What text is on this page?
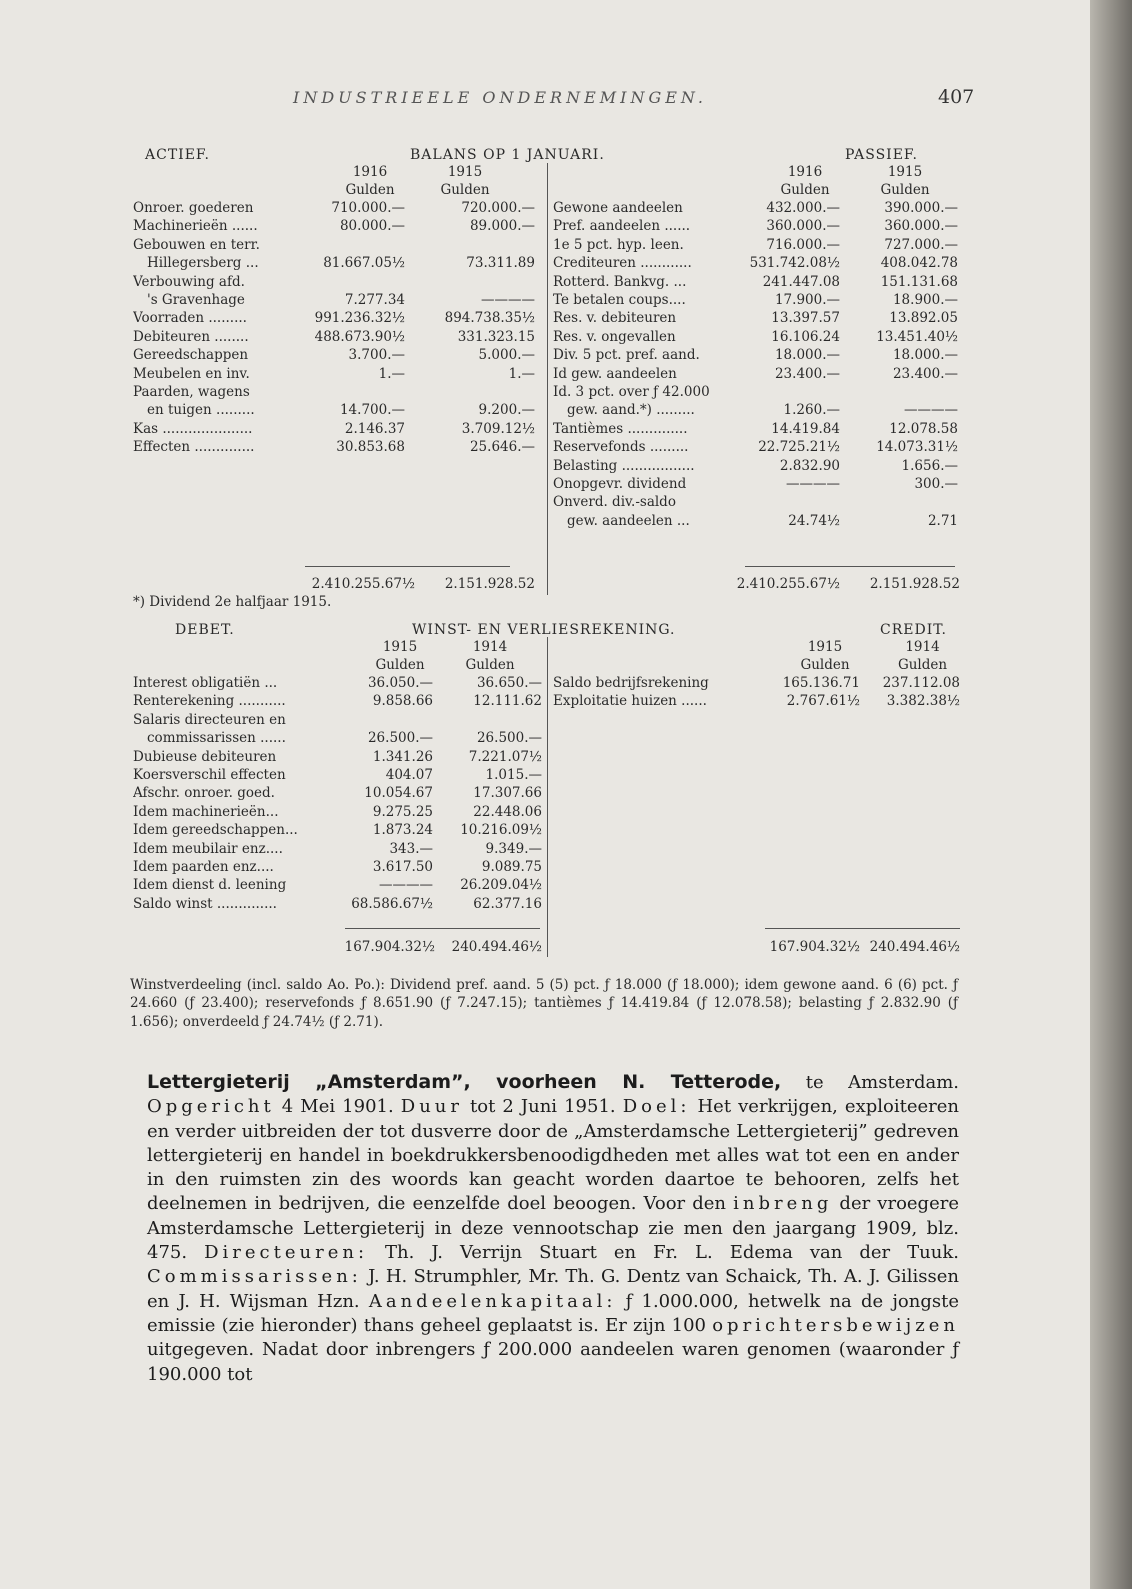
INDUSTRIEELE ONDERNEMINGEN.	407
ACTIEF.	BALANS OP 1 JANUARI.	PASSIEF.
1916	1915
Gulden	Gulden
1916	1915
Gulden	Gulden
Onroer. goederen	710.000.—	720.000.—
Machinerieën ......	80.000.—	89.000.—
Gebouwen en terr.
Hillegersberg ...	81.667.05½	73.311.89
Verbouwing afd.
's Gravenhage	7.277.34	————
Voorraden .........	991.236.32½	894.738.35½
Debiteuren ........	488.673.90½	331.323.15
Gereedschappen	3.700.—	5.000.—
Meubelen en inv.	1.—	1.—
Paarden, wagens
en tuigen .........	14.700.—	9.200.—
Kas .....................	2.146.37	3.709.12½
Effecten ..............	30.853.68	25.646.—
Gewone aandeelen	432.000.—	390.000.—
Pref. aandeelen ......	360.000.—	360.000.—
1e 5 pct. hyp. leen.	716.000.—	727.000.—
Crediteuren ............	531.742.08½	408.042.78
Rotterd. Bankvg. ...	241.447.08	151.131.68
Te betalen coups....	17.900.—	18.900.—
Res. v. debiteuren	13.397.57	13.892.05
Res. v. ongevallen	16.106.24	13.451.40½
Div. 5 pct. pref. aand.	18.000.—	18.000.—
Id gew. aandeelen	23.400.—	23.400.—
Id. 3 pct. over ƒ 42.000
gew. aand.*) .........	1.260.—	————
Tantièmes ..............	14.419.84	12.078.58
Reservefonds .........	22.725.21½	14.073.31½
Belasting .................	2.832.90	1.656.—
Onopgevr. dividend	————	300.—
Onverd. div.-saldo
gew. aandeelen ...	24.74½	2.71
2.410.255.67½	2.151.928.52	2.410.255.67½	2.151.928.52
*) Dividend 2e halfjaar 1915.
DEBET.	WINST- EN VERLIESREKENING.	CREDIT.
1915	1914
Gulden	Gulden
1915	1914
Gulden	Gulden
Interest obligatiën ...	36.050.—	36.650.—
Renterekening ...........	9.858.66	12.111.62
Salaris directeuren en
commissarissen ......	26.500.—	26.500.—
Dubieuse debiteuren	1.341.26	7.221.07½
Koersverschil effecten	404.07	1.015.—
Afschr. onroer. goed.	10.054.67	17.307.66
Idem machinerieën...	9.275.25	22.448.06
Idem gereedschappen...	1.873.24	10.216.09½
Idem meubilair enz....	343.—	9.349.—
Idem paarden enz....	3.617.50	9.089.75
Idem dienst d. leening	————	26.209.04½
Saldo winst ..............	68.586.67½	62.377.16
Saldo bedrijfsrekening	165.136.71	237.112.08
Exploitatie huizen ......	2.767.61½	3.382.38½
167.904.32½	240.494.46½	167.904.32½ 240.494.46½
Winstverdeeling (incl. saldo Ao. Po.): Dividend pref. aand. 5 (5) pct. ƒ 18.000 (ƒ 18.000); idem gewone aand. 6 (6) pct. ƒ 24.660 (ƒ 23.400); reservefonds ƒ 8.651.90 (ƒ 7.247.15); tantièmes ƒ 14.419.84 (ƒ 12.078.58); belasting ƒ 2.832.90 (ƒ 1.656); onverdeeld ƒ 24.74½ (ƒ 2.71).
Lettergieterij „Amsterdam”, voorheen N. Tetterode, te Amsterdam. Opgericht 4 Mei 1901. Duur tot 2 Juni 1951. Doel: Het verkrijgen, exploiteeren en verder uitbreiden der tot dusverre door de „Amsterdamsche Lettergieterij” gedreven lettergieterij en handel in boekdrukkersbenoodigdheden met alles wat tot een en ander in den ruimsten zin des woords kan geacht worden daartoe te behooren, zelfs het deelnemen in bedrijven, die eenzelfde doel beoogen. Voor den inbreng der vroegere Amsterdamsche Lettergieterij in deze vennootschap zie men den jaargang 1909, blz. 475. Directeuren: Th. J. Verrijn Stuart en Fr. L. Edema van der Tuuk. Commissarissen: J. H. Strumphler, Mr. Th. G. Dentz van Schaick, Th. A. J. Gilissen en J. H. Wijsman Hzn. Aandeelenkapitaal: ƒ 1.000.000, hetwelk na de jongste emissie (zie hieronder) thans geheel geplaatst is. Er zijn 100 oprichtersbewijzen uitgegeven. Nadat door inbrengers ƒ 200.000 aandeelen waren genomen (waaronder ƒ 190.000 tot
